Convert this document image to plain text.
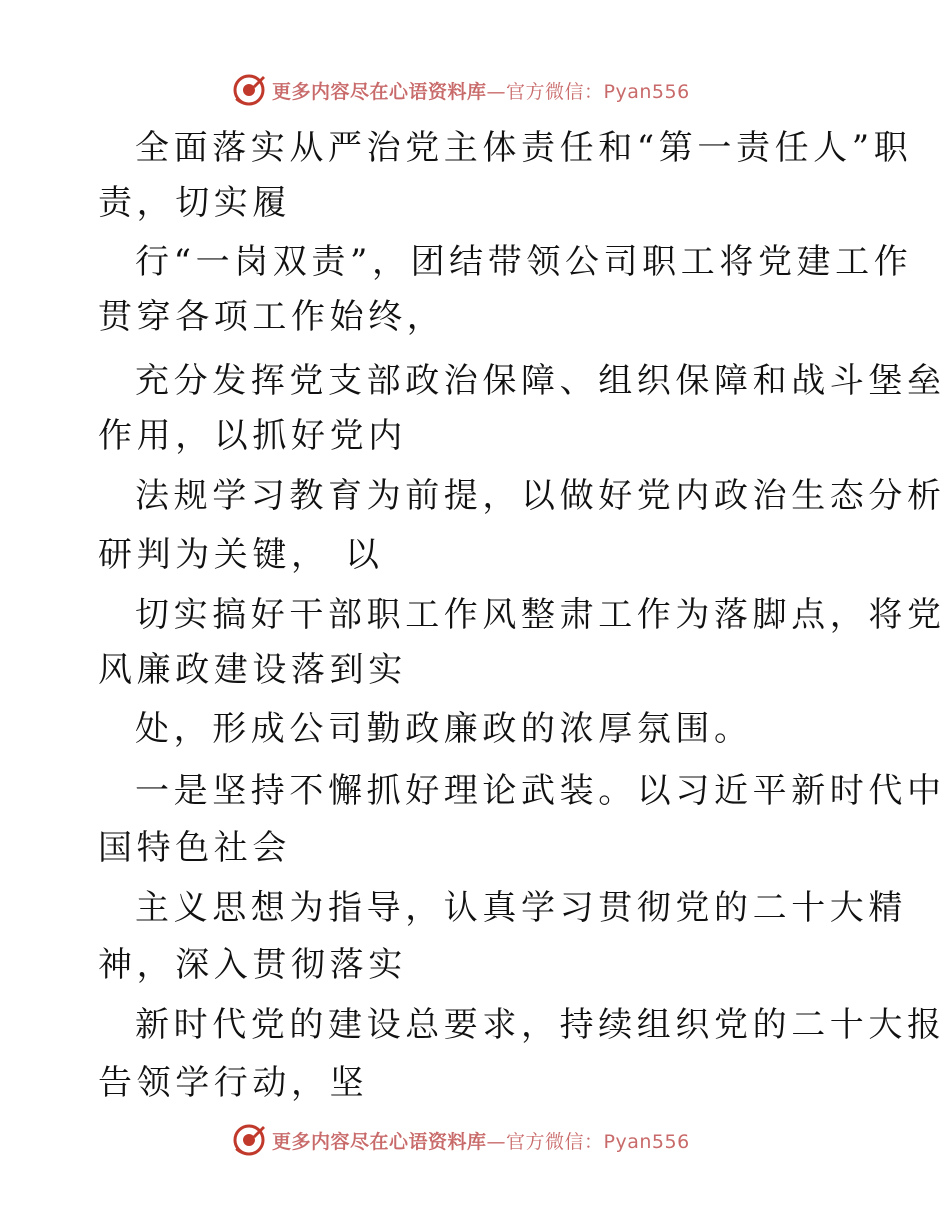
更多内容尽在心语资料库—官方微信：Pyan556
全面落实从严治党主体责任和“第一责任人”职
责，切实履
行“一岗双责”，团结带领公司职工将党建工作
贯穿各项工作始终，
充分发挥党支部政治保障、组织保障和战斗堡垒
作用，以抓好党内
法规学习教育为前提，以做好党内政治生态分析
研判为关键， 以
切实搞好干部职工作风整肃工作为落脚点，将党
风廉政建设落到实
处，形成公司勤政廉政的浓厚氛围。
一是坚持不懈抓好理论武装。以习近平新时代中
国特色社会
主义思想为指导，认真学习贯彻党的二十大精
神，深入贯彻落实
新时代党的建设总要求，持续组织党的二十大报
告领学行动，坚
更多内容尽在心语资料库—官方微信：Pyan556
